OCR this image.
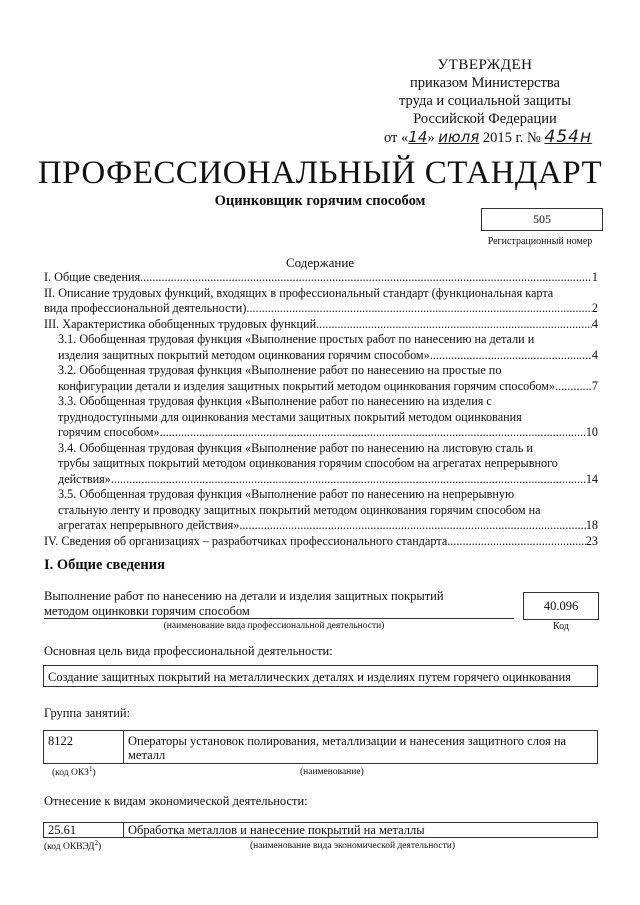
УТВЕРЖДЕН
приказом Министерства
труда и социальной защиты
Российской Федерации
от «14» июля 2015 г. № 454н
ПРОФЕССИОНАЛЬНЫЙ СТАНДАРТ
Оцинковщик горячим способом
505
Регистрационный номер
Содержание
I. Общие сведения .....	1
II. Описание трудовых функций, входящих в профессиональный стандарт (функциональная карта
вида профессиональной деятельности) .....	2
III. Характеристика обобщенных трудовых функций .....	4
3.1. Обобщенная трудовая функция «Выполнение простых работ по нанесению на детали и
изделия защитных покрытий методом оцинкования горячим способом» .....	4
3.2. Обобщенная трудовая функция «Выполнение работ по нанесению на простые по
конфигурации детали и изделия защитных покрытий методом оцинкования горячим способом» .....	7
3.3. Обобщенная трудовая функция «Выполнение работ по нанесению на изделия с
труднодоступными для оцинкования местами защитных покрытий методом оцинкования
горячим способом» .....	10
3.4. Обобщенная трудовая функция «Выполнение работ по нанесению на листовую сталь и
трубы защитных покрытий методом оцинкования горячим способом на агрегатах непрерывного
действия» .....	14
3.5. Обобщенная трудовая функция «Выполнение работ по нанесению на непрерывную
стальную ленту и проводку защитных покрытий методом оцинкования горячим способом на
агрегатах непрерывного действия» .....	18
IV. Сведения об организациях – разработчиках профессионального стандарта .....	23
I. Общие сведения
Выполнение работ по нанесению на детали и изделия защитных покрытий методом оцинковки горячим способом
(наименование вида профессиональной деятельности)
40.096
Код
Основная цель вида профессиональной деятельности:
Создание защитных покрытий на металлических деталях и изделиях путем горячего оцинкования
Группа занятий:
8122	Операторы установок полирования, металлизации и нанесения защитного слоя на металл
(код ОКЗ$^1$)	(наименование)
Отнесение к видам экономической деятельности:
25.61	Обработка металлов и нанесение покрытий на металлы
(код ОКВЭД$^2$)	(наименование вида экономической деятельности)
